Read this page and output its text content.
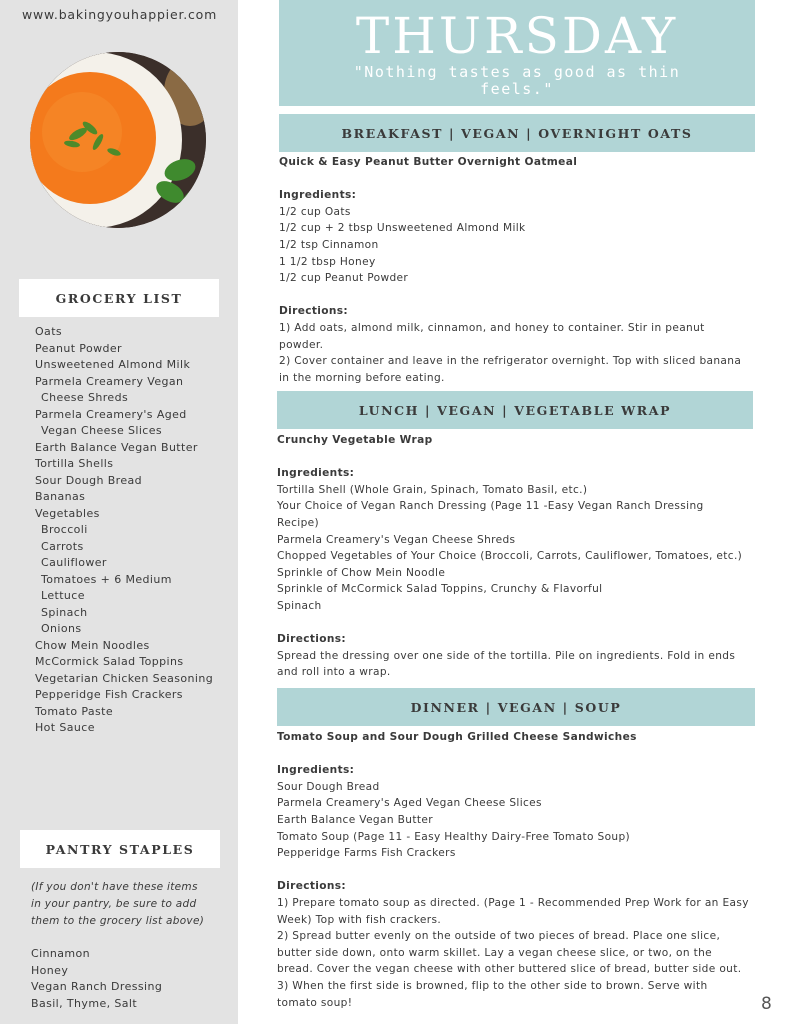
www.bakingyouhappier.com
GROCERY LIST
Oats
Peanut Powder
Unsweetened Almond Milk
Parmela Creamery Vegan
Cheese Shreds
Parmela Creamery's Aged
Vegan Cheese Slices
Earth Balance Vegan Butter
Tortilla Shells
Sour Dough Bread
Bananas
Vegetables
Broccoli
Carrots
Cauliflower
Tomatoes + 6 Medium
Lettuce
Spinach
Onions
Chow Mein Noodles
McCormick Salad Toppins
Vegetarian Chicken Seasoning
Pepperidge Fish Crackers
Tomato Paste
Hot Sauce
PANTRY STAPLES
(If you don't have these items in your pantry, be sure to add them to the grocery list above)
Cinnamon
Honey
Vegan Ranch Dressing
Basil, Thyme, Salt
THURSDAY
"Nothing tastes as good as thin feels."
BREAKFAST | VEGAN | OVERNIGHT OATS

Quick & Easy Peanut Butter Overnight Oatmeal

Ingredients:

1/2 cup Oats

1/2 cup + 2 tbsp Unsweetened Almond Milk

1/2 tsp Cinnamon

1 1/2 tbsp Honey

1/2 cup Peanut Powder

Directions:

1) Add oats, almond milk, cinnamon, and honey to container. Stir in peanut powder.

2) Cover container and leave in the refrigerator overnight. Top with sliced banana in the morning before eating.

LUNCH | VEGAN | VEGETABLE WRAP

Crunchy Vegetable Wrap

Ingredients:

Tortilla Shell (Whole Grain, Spinach, Tomato Basil, etc.)

Your Choice of Vegan Ranch Dressing (Page 11 -Easy Vegan Ranch Dressing Recipe)

Parmela Creamery's Vegan Cheese Shreds

Chopped Vegetables of Your Choice (Broccoli, Carrots, Cauliflower, Tomatoes, etc.)

Sprinkle of Chow Mein Noodle

Sprinkle of McCormick Salad Toppins, Crunchy & Flavorful

Spinach

Directions:

Spread the dressing over one side of the tortilla. Pile on ingredients. Fold in ends and roll into a wrap.

DINNER | VEGAN | SOUP

Tomato Soup and Sour Dough Grilled Cheese Sandwiches

Ingredients:

Sour Dough Bread

Parmela Creamery's Aged Vegan Cheese Slices

Earth Balance Vegan Butter

Tomato Soup (Page 11 - Easy Healthy Dairy-Free Tomato Soup)

Pepperidge Farms Fish Crackers

Directions:

1) Prepare tomato soup as directed. (Page 1 - Recommended Prep Work for an Easy Week) Top with fish crackers.

2) Spread butter evenly on the outside of two pieces of bread. Place one slice, butter side down, onto warm skillet. Lay a vegan cheese slice, or two, on the bread. Cover the vegan cheese with other buttered slice of bread, butter side out.

3) When the first side is browned, flip to the other side to brown. Serve with tomato soup!	8
